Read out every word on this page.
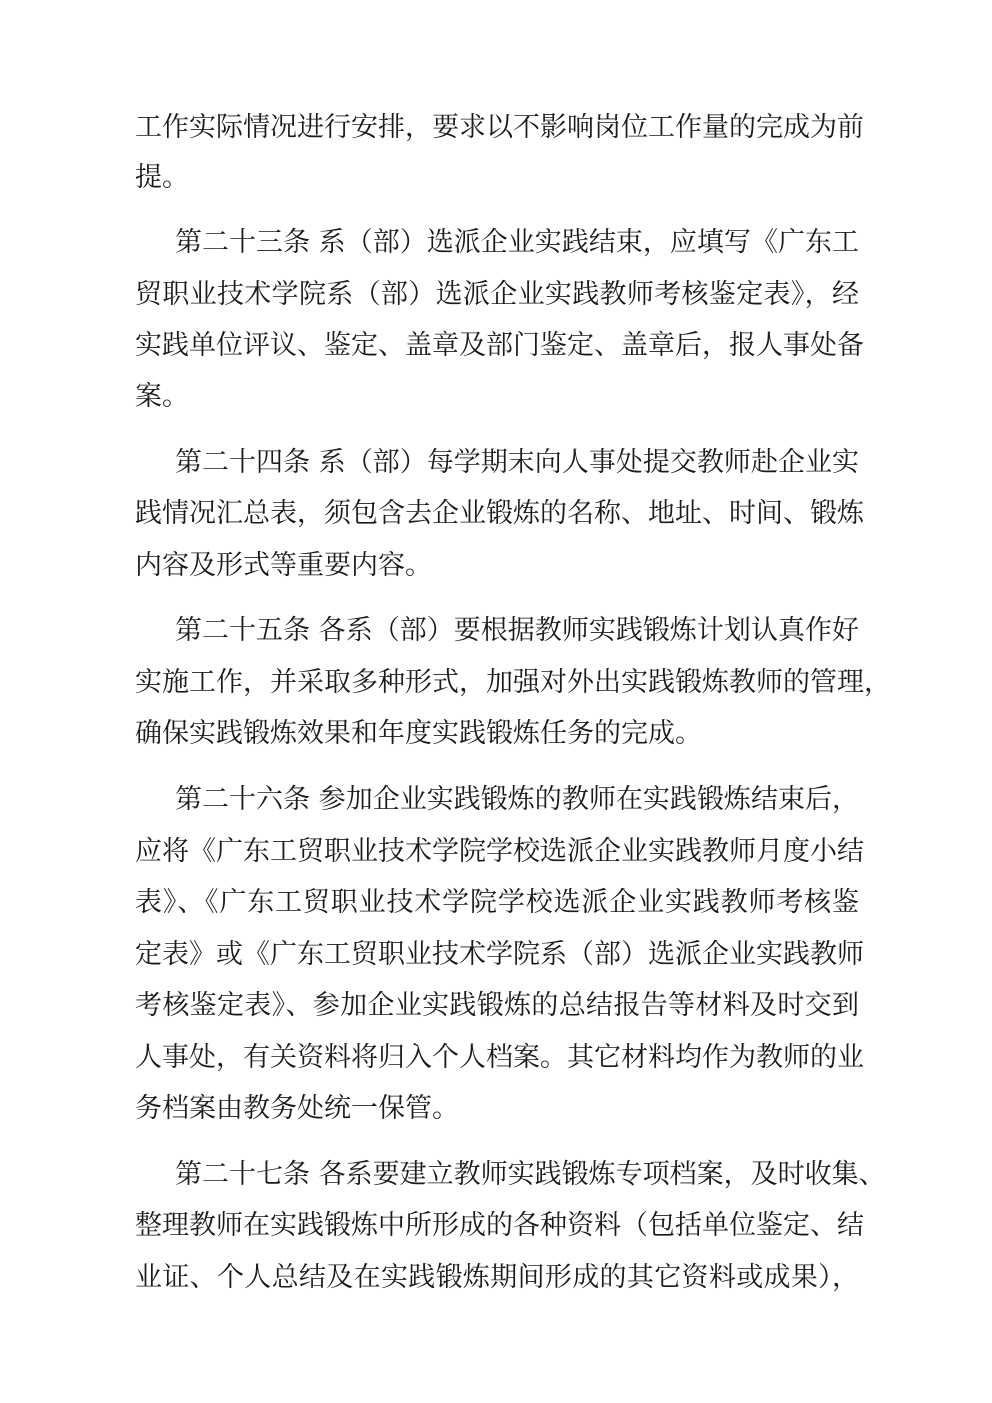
工作实际情况进行安排，要求以不影响岗位工作量的完成为前
提。
第二十三条 系（部）选派企业实践结束，应填写《广东工
贸职业技术学院系（部）选派企业实践教师考核鉴定表》，经
实践单位评议、鉴定、盖章及部门鉴定、盖章后，报人事处备
案。
第二十四条 系（部）每学期末向人事处提交教师赴企业实
践情况汇总表，须包含去企业锻炼的名称、地址、时间、锻炼
内容及形式等重要内容。
第二十五条 各系（部）要根据教师实践锻炼计划认真作好
实施工作，并采取多种形式，加强对外出实践锻炼教师的管理，
确保实践锻炼效果和年度实践锻炼任务的完成。
第二十六条 参加企业实践锻炼的教师在实践锻炼结束后，
应将《广东工贸职业技术学院学校选派企业实践教师月度小结
表》、《广东工贸职业技术学院学校选派企业实践教师考核鉴
定表》或《广东工贸职业技术学院系（部）选派企业实践教师
考核鉴定表》、参加企业实践锻炼的总结报告等材料及时交到
人事处，有关资料将归入个人档案。其它材料均作为教师的业
务档案由教务处统一保管。
第二十七条 各系要建立教师实践锻炼专项档案，及时收集、
整理教师在实践锻炼中所形成的各种资料（包括单位鉴定、结
业证、个人总结及在实践锻炼期间形成的其它资料或成果），
